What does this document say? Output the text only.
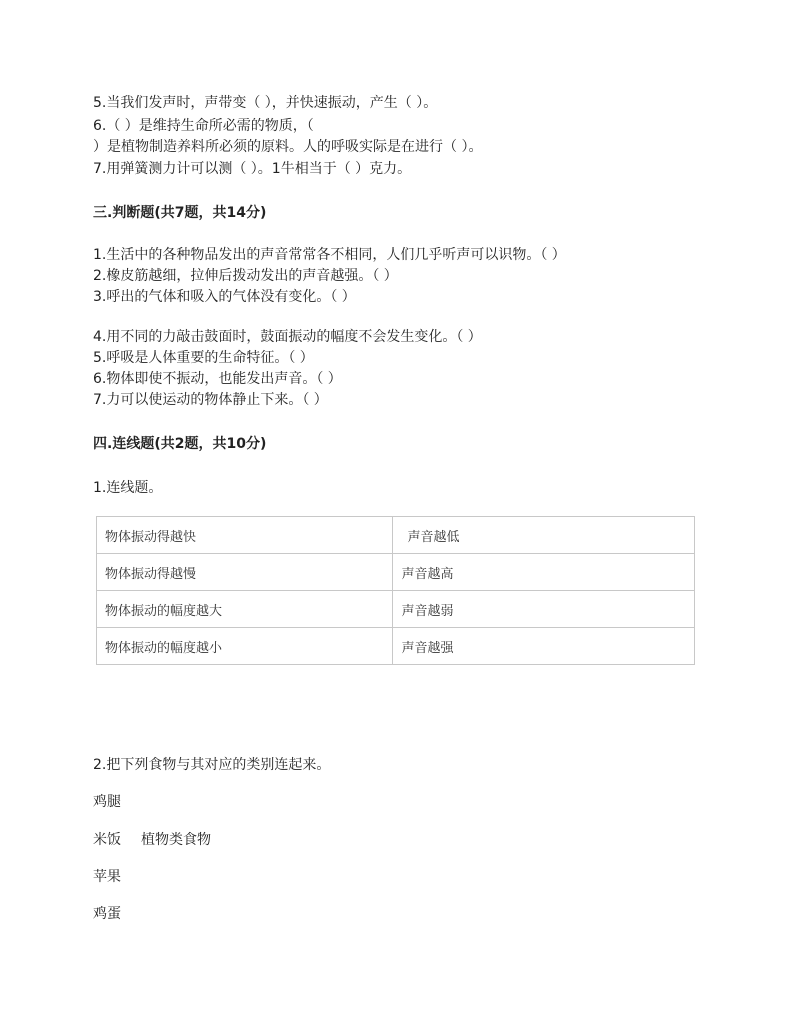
5.当我们发声时，声带变（ ），并快速振动，产生（ ）。
6.（ ）是维持生命所必需的物质，（
）是植物制造养料所必须的原料。人的呼吸实际是在进行（ ）。
7.用弹簧测力计可以测（ ）。1牛相当于（ ）克力。
三.判断题(共7题，共14分)
1.生活中的各种物品发出的声音常常各不相同，人们几乎听声可以识物。（ ）
2.橡皮筋越细，拉伸后拨动发出的声音越强。（ ）
3.呼出的气体和吸入的气体没有变化。（ ）
4.用不同的力敲击鼓面时，鼓面振动的幅度不会发生变化。（ ）
5.呼吸是人体重要的生命特征。（ ）
6.物体即使不振动，也能发出声音。（ ）
7.力可以使运动的物体静止下来。（ ）
四.连线题(共2题，共10分)
1.连线题。
物体振动得越快	声音越低
物体振动得越慢	声音越高
物体振动的幅度越大	声音越弱
物体振动的幅度越小	声音越强
2.把下列食物与其对应的类别连起来。
鸡腿
米饭 植物类食物
苹果
鸡蛋
